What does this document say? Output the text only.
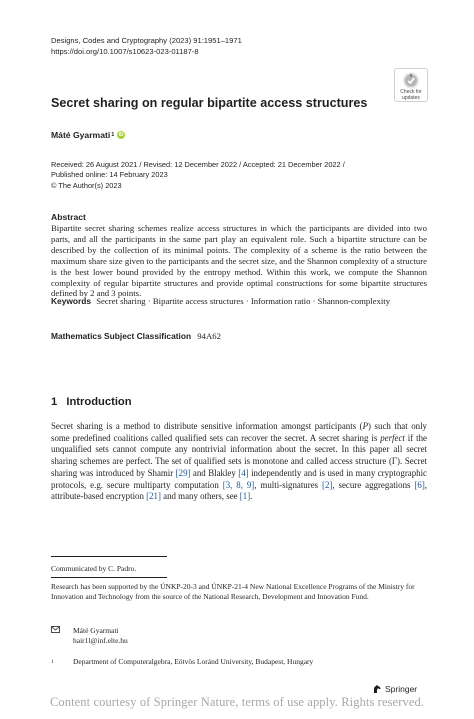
Designs, Codes and Cryptography (2023) 91:1951–1971
https://doi.org/10.1007/s10623-023-01187-8
Check for
updates
Secret sharing on regular bipartite access structures
Máté Gyarmati 1 iD
Received: 26 August 2021 / Revised: 12 December 2022 / Accepted: 21 December 2022 /
Published online: 14 February 2023
© The Author(s) 2023
Abstract
Bipartite secret sharing schemes realize access structures in which the participants are divided into two parts, and all the participants in the same part play an equivalent role. Such a bipartite structure can be described by the collection of its minimal points. The complexity of a scheme is the ratio between the maximum share size given to the participants and the secret size, and the Shannon complexity of a structure is the best lower bound provided by the entropy method. Within this work, we compute the Shannon complexity of regular bipartite structures and provide optimal constructions for some bipartite structures defined by 2 and 3 points.
Keywords Secret sharing · Bipartite access structures · Information ratio · Shannon-complexity
Mathematics Subject Classification 94A62
1 Introduction

Secret sharing is a method to distribute sensitive information amongst participants (P) such that only some predefined coalitions called qualified sets can recover the secret. A secret sharing is perfect if the unqualified sets cannot compute any nontrivial information about the secret. In this paper all secret sharing schemes are perfect. The set of qualified sets is monotone and called access structure (Γ). Secret sharing was introduced by Shamir [29] and Blakley [4] independently and is used in many cryptographic protocols, e.g. secure multiparty computation [3, 8, 9], multi-signatures [2], secure aggregations [6], attribute-based encryption [21] and many others, see [1].

Communicated by C. Padro.
Research has been supported by the ÚNKP-20-3 and ÚNKP-21-4 New National Excellence Programs of the Ministry for Innovation and Technology from the source of the National Research, Development and Innovation Fund.
Máté Gyarmati
hair1l@inf.elte.hu
1	Department of Computeralgebra, Eötvös Loránd University, Budapest, Hungary
Springer
Content courtesy of Springer Nature, terms of use apply. Rights reserved.
